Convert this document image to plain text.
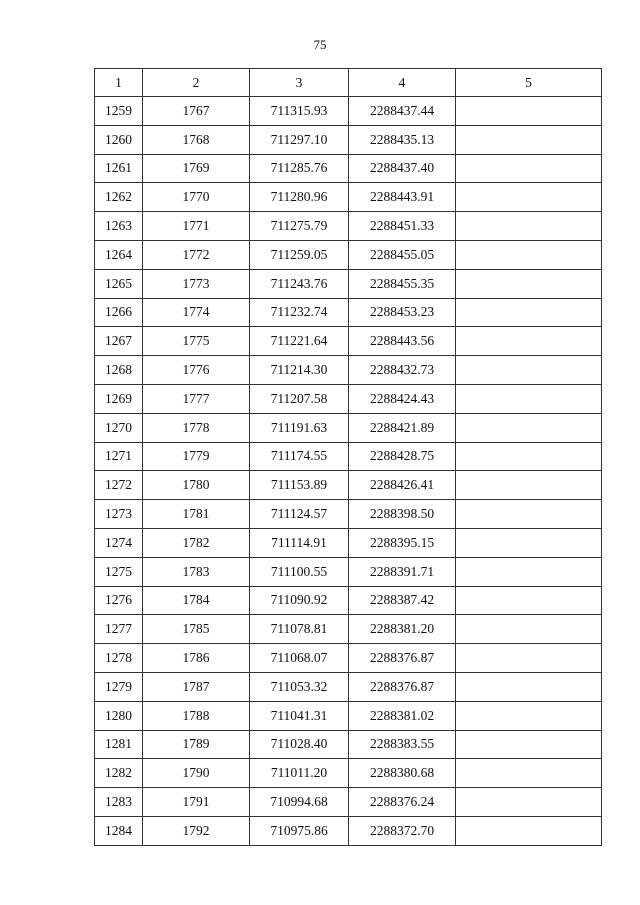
75
1	2	3	4	5
1259	1767	711315.93	2288437.44	
1260	1768	711297.10	2288435.13	
1261	1769	711285.76	2288437.40	
1262	1770	711280.96	2288443.91	
1263	1771	711275.79	2288451.33	
1264	1772	711259.05	2288455.05	
1265	1773	711243.76	2288455.35	
1266	1774	711232.74	2288453.23	
1267	1775	711221.64	2288443.56	
1268	1776	711214.30	2288432.73	
1269	1777	711207.58	2288424.43	
1270	1778	711191.63	2288421.89	
1271	1779	711174.55	2288428.75	
1272	1780	711153.89	2288426.41	
1273	1781	711124.57	2288398.50	
1274	1782	711114.91	2288395.15	
1275	1783	711100.55	2288391.71	
1276	1784	711090.92	2288387.42	
1277	1785	711078.81	2288381.20	
1278	1786	711068.07	2288376.87	
1279	1787	711053.32	2288376.87	
1280	1788	711041.31	2288381.02	
1281	1789	711028.40	2288383.55	
1282	1790	711011.20	2288380.68	
1283	1791	710994.68	2288376.24	
1284	1792	710975.86	2288372.70	
